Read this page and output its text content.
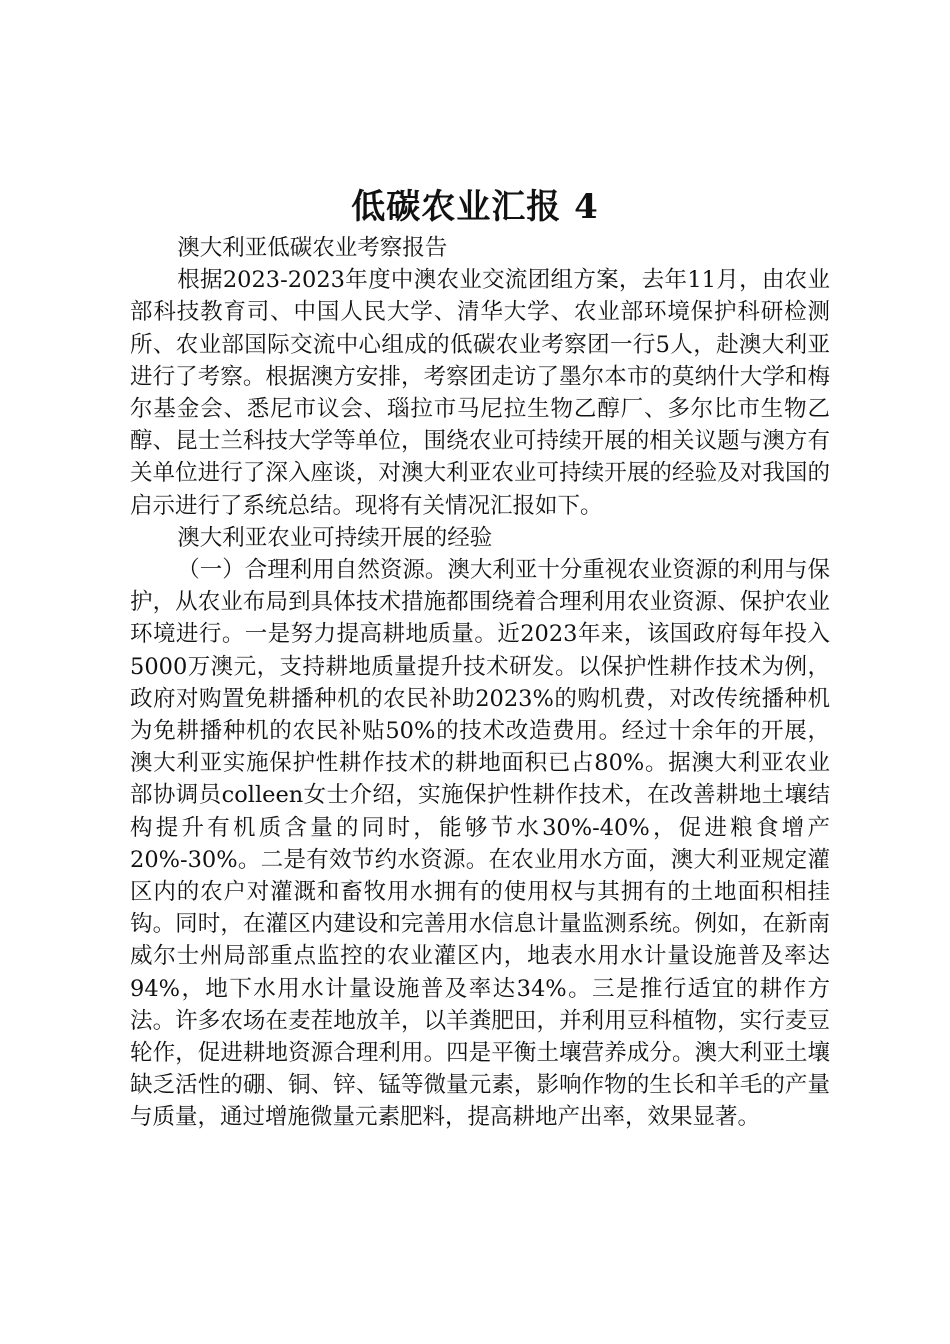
低碳农业汇报 4

澳大利亚低碳农业考察报告

根据2023-2023年度中澳农业交流团组方案，去年11月，由农业部科技教育司、中国人民大学、清华大学、农业部环境保护科研检测所、农业部国际交流中心组成的低碳农业考察团一行5人，赴澳大利亚进行了考察。根据澳方安排，考察团走访了墨尔本市的莫纳什大学和梅尔基金会、悉尼市议会、瑙拉市马尼拉生物乙醇厂、多尔比市生物乙醇、昆士兰科技大学等单位，围绕农业可持续开展的相关议题与澳方有关单位进行了深入座谈，对澳大利亚农业可持续开展的经验及对我国的启示进行了系统总结。现将有关情况汇报如下。

澳大利亚农业可持续开展的经验

（一）合理利用自然资源。澳大利亚十分重视农业资源的利用与保护，从农业布局到具体技术措施都围绕着合理利用农业资源、保护农业环境进行。一是努力提高耕地质量。近2023年来，该国政府每年投入5000万澳元，支持耕地质量提升技术研发。以保护性耕作技术为例，政府对购置免耕播种机的农民补助2023%的购机费，对改传统播种机为免耕播种机的农民补贴50%的技术改造费用。经过十余年的开展，澳大利亚实施保护性耕作技术的耕地面积已占80%。据澳大利亚农业部协调员colleen女士介绍，实施保护性耕作技术，在改善耕地土壤结构提升有机质含量的同时，能够节水30%-40%，促进粮食增产20%-30%。二是有效节约水资源。在农业用水方面，澳大利亚规定灌区内的农户对灌溉和畜牧用水拥有的使用权与其拥有的土地面积相挂钩。同时，在灌区内建设和完善用水信息计量监测系统。例如，在新南威尔士州局部重点监控的农业灌区内，地表水用水计量设施普及率达94%，地下水用水计量设施普及率达34%。三是推行适宜的耕作方法。许多农场在麦茬地放羊，以羊粪肥田，并利用豆科植物，实行麦豆轮作，促进耕地资源合理利用。四是平衡土壤营养成分。澳大利亚土壤缺乏活性的硼、铜、锌、锰等微量元素，影响作物的生长和羊毛的产量与质量，通过增施微量元素肥料，提高耕地产出率，效果显著。
